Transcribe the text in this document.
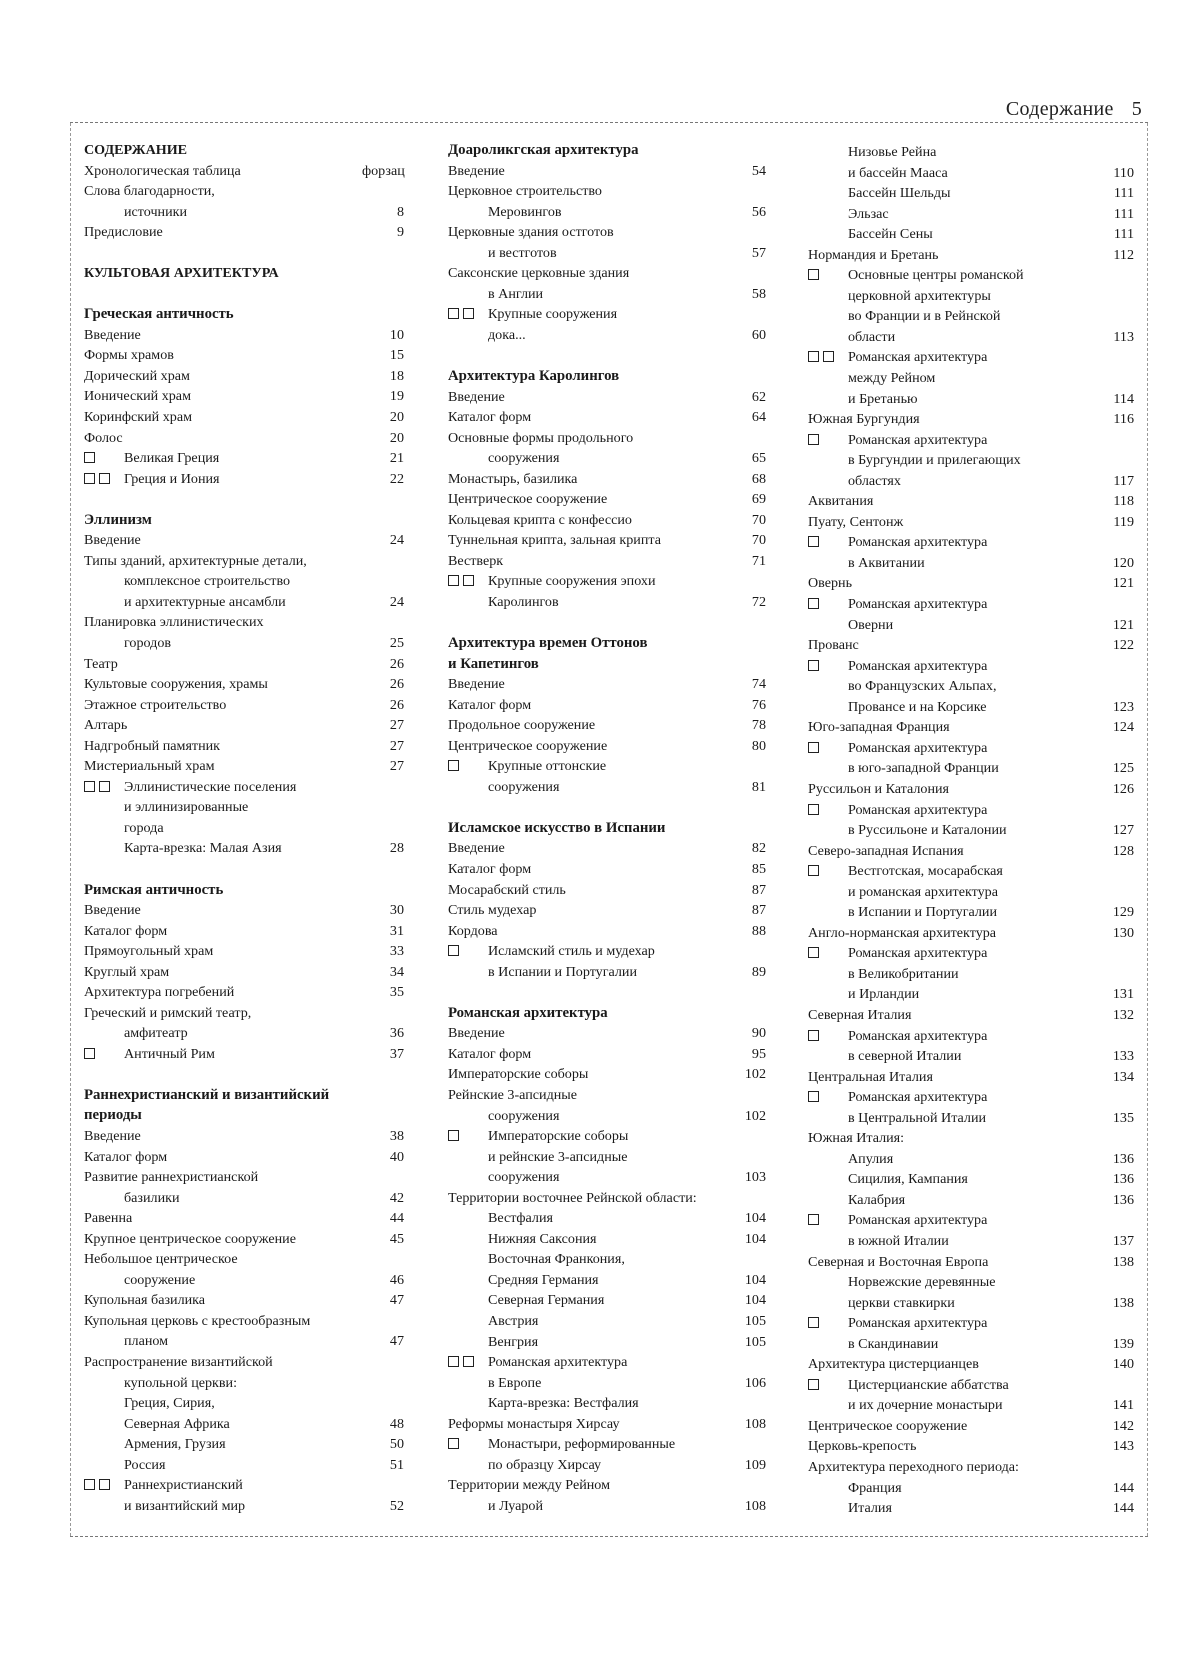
Содержание 5
СОДЕРЖАНИЕ
Хронологическая таблица	форзац
Слова благодарности,
источники	8
Предисловие	9
КУЛЬТОВАЯ АРХИТЕКТУРА
Греческая античность
Введение	10
Формы храмов	15
Дорический храм	18
Ионический храм	19
Коринфский храм	20
Фолос	20
Великая Греция	21
Греция и Иония	22
Эллинизм
Введение	24
Типы зданий, архитектурные детали,
комплексное строительство
и архитектурные ансамбли	24
Планировка эллинистических
городов	25
Театр	26
Культовые сооружения, храмы	26
Этажное строительство	26
Алтарь	27
Надгробный памятник	27
Мистериальный храм	27
Эллинистические поселения
и эллинизированные
города
Карта-врезка: Малая Азия	28
Римская античность
Введение	30
Каталог форм	31
Прямоугольный храм	33
Круглый храм	34
Архитектура погребений	35
Греческий и римский театр,
амфитеатр	36
Античный Рим	37
Раннехристианский и византийский
периоды
Введение	38
Каталог форм	40
Развитие раннехристианской
базилики	42
Равенна	44
Крупное центрическое сооружение	45
Небольшое центрическое
сооружение	46
Купольная базилика	47
Купольная церковь с крестообразным
планом	47
Распространение византийской
купольной церкви:
Греция, Сирия,
Северная Африка	48
Армения, Грузия	50
Россия	51
Раннехристианский
и византийский мир	52
Доароликгская архитектура
Введение	54
Церковное строительство
Меровингов	56
Церковные здания остготов
и вестготов	57
Саксонские церковные здания
в Англии	58
Крупные сооружения
дока...	60
Архитектура Каролингов
Введение	62
Каталог форм	64
Основные формы продольного
сооружения	65
Монастырь, базилика	68
Центрическое сооружение	69
Кольцевая крипта с конфессио	70
Туннельная крипта, зальная крипта	70
Вестверк	71
Крупные сооружения эпохи
Каролингов	72
Архитектура времен Оттонов
и Капетингов
Введение	74
Каталог форм	76
Продольное сооружение	78
Центрическое сооружение	80
Крупные оттонские
сооружения	81
Исламское искусство в Испании
Введение	82
Каталог форм	85
Мосарабский стиль	87
Стиль мудехар	87
Кордова	88
Исламский стиль и мудехар
в Испании и Португалии	89
Романская архитектура
Введение	90
Каталог форм	95
Императорские соборы	102
Рейнские 3-апсидные
сооружения	102
Императорские соборы
и рейнские 3-апсидные
сооружения	103
Территории восточнее Рейнской области:
Вестфалия	104
Нижняя Саксония	104
Восточная Франкония,
Средняя Германия	104
Северная Германия	104
Австрия	105
Венгрия	105
Романская архитектура
в Европе	106
Карта-врезка: Вестфалия
Реформы монастыря Хирсау	108
Монастыри, реформированные
по образцу Хирсау	109
Территории между Рейном
и Луарой	108
Низовье Рейна
и бассейн Мааса	110
Бассейн Шельды	111
Эльзас	111
Бассейн Сены	111
Нормандия и Бретань	112
Основные центры романской
церковной архитектуры
во Франции и в Рейнской
области	113
Романская архитектура
между Рейном
и Бретанью	114
Южная Бургундия	116
Романская архитектура
в Бургундии и прилегающих
областях	117
Аквитания	118
Пуату, Сентонж	119
Романская архитектура
в Аквитании	120
Овернь	121
Романская архитектура
Оверни	121
Прованс	122
Романская архитектура
во Французских Альпах,
Провансе и на Корсике	123
Юго-западная Франция	124
Романская архитектура
в юго-западной Франции	125
Руссильон и Каталония	126
Романская архитектура
в Руссильоне и Каталонии	127
Северо-западная Испания	128
Вестготская, мосарабская
и романская архитектура
в Испании и Португалии	129
Англо-норманская архитектура	130
Романская архитектура
в Великобритании
и Ирландии	131
Северная Италия	132
Романская архитектура
в северной Италии	133
Центральная Италия	134
Романская архитектура
в Центральной Италии	135
Южная Италия:
Апулия	136
Сицилия, Кампания	136
Калабрия	136
Романская архитектура
в южной Италии	137
Северная и Восточная Европа	138
Норвежские деревянные
церкви ставкирки	138
Романская архитектура
в Скандинавии	139
Архитектура цистерцианцев	140
Цистерцианские аббатства
и их дочерние монастыри	141
Центрическое сооружение	142
Церковь-крепость	143
Архитектура переходного периода:
Франция	144
Италия	144
